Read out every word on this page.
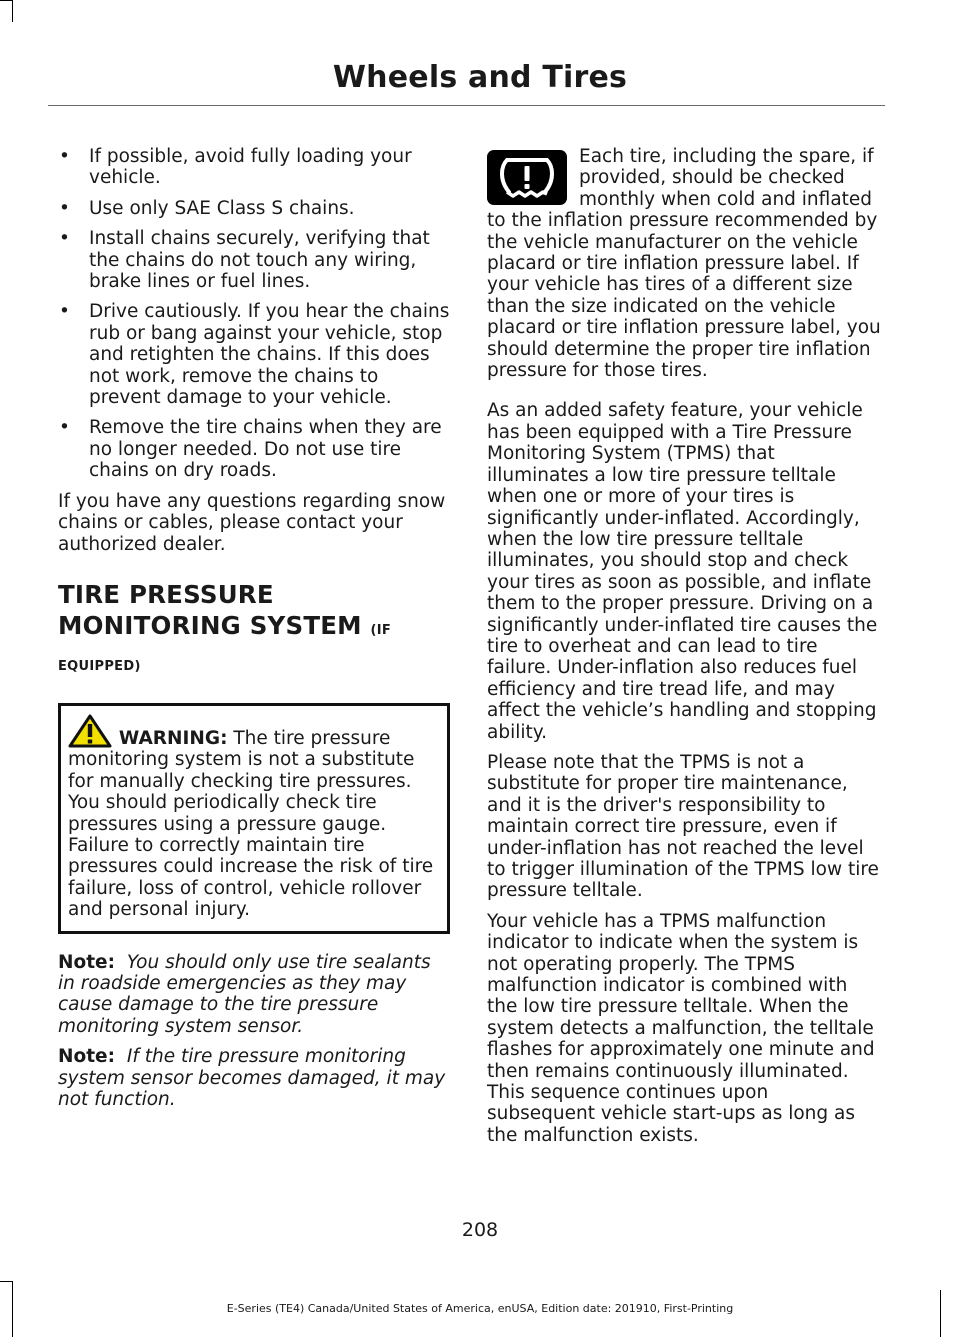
Wheels and Tires
• If possible, avoid fully loading your vehicle.
• Use only SAE Class S chains.
• Install chains securely, verifying that the chains do not touch any wiring, brake lines or fuel lines.
• Drive cautiously. If you hear the chains rub or bang against your vehicle, stop and retighten the chains. If this does not work, remove the chains to prevent damage to your vehicle.
• Remove the tire chains when they are no longer needed. Do not use tire chains on dry roads.

If you have any questions regarding snow chains or cables, please contact your authorized dealer.

TIRE PRESSURE MONITORING SYSTEM (IF EQUIPPED)
WARNING: The tire pressure monitoring system is not a substitute for manually checking tire pressures. You should periodically check tire pressures using a pressure gauge. Failure to correctly maintain tire pressures could increase the risk of tire failure, loss of control, vehicle rollover and personal injury.

Note: You should only use tire sealants in roadside emergencies as they may cause damage to the tire pressure monitoring system sensor.

Note: If the tire pressure monitoring system sensor becomes damaged, it may not function.

Each tire, including the spare, if provided, should be checked monthly when cold and inflated to the inflation pressure recommended by the vehicle manufacturer on the vehicle placard or tire inflation pressure label. If your vehicle has tires of a different size than the size indicated on the vehicle placard or tire inflation pressure label, you should determine the proper tire inflation pressure for those tires.

As an added safety feature, your vehicle has been equipped with a Tire Pressure Monitoring System (TPMS) that illuminates a low tire pressure telltale when one or more of your tires is significantly under-inflated. Accordingly, when the low tire pressure telltale illuminates, you should stop and check your tires as soon as possible, and inflate them to the proper pressure. Driving on a significantly under-inflated tire causes the tire to overheat and can lead to tire failure. Under-inflation also reduces fuel efficiency and tire tread life, and may affect the vehicle’s handling and stopping ability.

Please note that the TPMS is not a substitute for proper tire maintenance, and it is the driver's responsibility to maintain correct tire pressure, even if under-inflation has not reached the level to trigger illumination of the TPMS low tire pressure telltale.

Your vehicle has a TPMS malfunction indicator to indicate when the system is not operating properly. The TPMS malfunction indicator is combined with the low tire pressure telltale. When the system detects a malfunction, the telltale flashes for approximately one minute and then remains continuously illuminated. This sequence continues upon subsequent vehicle start-ups as long as the malfunction exists.

208
E-Series (TE4) Canada/United States of America, enUSA, Edition date: 201910, First-Printing
